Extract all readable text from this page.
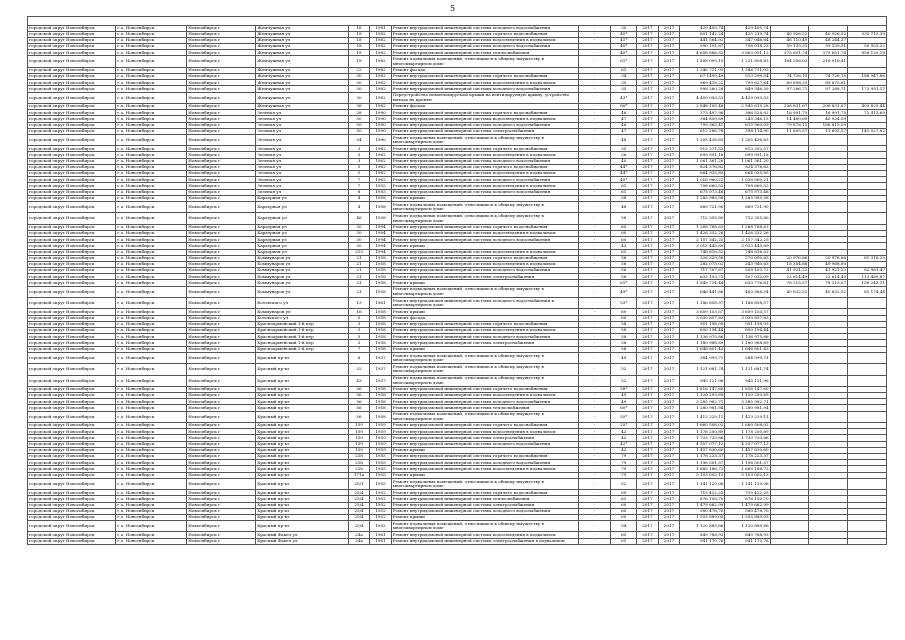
5

городской округ Новосибирск	г.о. Новосибирск	Новосибирск г	Жемчужная ул	16	1981	Ремонт внутридомовой инженерной системы холодного водоснабжения	-	30	2017	2017	429 405,74	429 405,74			
городской округ Новосибирск	г.о. Новосибирск	Новосибирск г	Жемчужная ул	18	1982	Ремонт внутридомовой инженерной системы горячего водоснабжения	-	40*	2017	2017	801 142,24	425 219,74	40 926,52	40 926,52	335 713,39
городской округ Новосибирск	г.о. Новосибирск	Новосибирск г	Жемчужная ул	18	1982	Ремонт внутридомовой инженерной системы водоотведения в подвальном	-	41*	2017	2017	441 564,92	347 046,84	46 110,49	48 244,37	
городской округ Новосибирск	г.о. Новосибирск	Новосибирск г	Жемчужная ул	18	1982	Ремонт внутридомовой инженерной системы холодного водоснабжения	-	40*	2017	2017	990 191,87	798 018,23	59 139,31	59 139,31	50 953,22
городской округ Новосибирск	г.о. Новосибирск	Новосибирск г	Жемчужная ул	18	1982	Ремонт внутридомовой инженерной системы теплоснабжения	-	40*	2017	2017	4 658 866,52	3 863 091,12	375 691,74	375 691,74	858 125,18
городской округ Новосибирск	г.о. Новосибирск	Новосибирск г	Жемчужная ул	18	1982	Ремонт подвальных помещений, относящихся к общему имуществу в многоквартирном доме	-	61*	2017	2017	1 808 099,15	1 231 808,83	164 056,02	216 916,41	
городской округ Новосибирск	г.о. Новосибирск	Новосибирск г	Жемчужная ул	22	1982	Ремонт фасада	-	61	2017	2017	1 246 711,05	1 246 711,05			
городской округ Новосибирск	г.о. Новосибирск	Новосибирск г	Жемчужная ул	30	1982	Ремонт внутридомовой инженерной системы горячего водоснабжения	-	34	2017	2017	67 1499,49	513 299,34	74 726,15	74 726,15	186 947,86
городской округ Новосибирск	г.о. Новосибирск	Новосибирск г	Жемчужная ул	30	1982	Ремонт внутридомовой инженерной системы водоотведения в подвальном	-	35	2017	2017	969 418,22	799 627,64	69 698,33	89 675,61	
городской округ Новосибирск	г.о. Новосибирск	Новосибирск г	Жемчужная ул	30	1982	Ремонт внутридомовой инженерной системы холодного водоснабжения	-	35	2017	2017	998 260,28	849 346,59	97 286,71	97 288,71	173 951,17
городской округ Новосибирск	г.о. Новосибирск	Новосибирск г	Жемчужная ул	30	1982	Переустройство невентилируемой крыши на вентилируемую крышу, устройство выхода на кровлю	-	43*	2017	2017	4 459 093,53	4 459 093,53			
городской округ Новосибирск	г.о. Новосибирск	Новосибирск г	Жемчужная ул	36	1982	Ремонт фасада	-	80*	2017	2017	2 848 105,46	2 545 615,28	208 831,67	208 831,67	403 825,44
городской округ Новосибирск	г.о. Новосибирск	Новосибирск г	Зеленая ул	28	1990	Ремонт внутридомовой инженерной системы горячего водоснабжения	-	46	2017	2017	373 497,96	386 528,92	16 991,75	16 991,75	72 413,69
городской округ Новосибирск	г.о. Новосибирск	Новосибирск г	Зеленая ул	50	1990	Ремонт внутридомовой инженерной системы водоотведения в подвальном	-	47	2017	2017	384 859,89	245 346,13	14 489,69	40 924,59	
городской округ Новосибирск	г.о. Новосибирск	Новосибирск г	Зеленая ул	50	1990	Ремонт внутридомовой инженерной системы холодного водоснабжения	-	46	2017	2017	799 365,41	615 960,09	79 876,11	166 815,09	
городской округ Новосибирск	г.о. Новосибирск	Новосибирск г	Зеленая ул	50	1990	Ремонт внутридомовой инженерной системы электроснабжения	-	47	2017	2017	612 286,78	398 114,90	11 605,57	11 605,57	141 527,82
городской округ Новосибирск	г.о. Новосибирск	Новосибирск г	Зеленая ул	54	1990	Ремонт подвальных помещений, относящихся к общему имуществу в многоквартирном доме	-	48	2017	2017	1 205 436,63	1 205 436,63			
городской округ Новосибирск	г.о. Новосибирск	Новосибирск г	Зеленая ул	3	1962	Ремонт внутридомовой инженерной системы горячего водоснабжения	-	35	2017	2017	913 271,53	813 352,57			
городской округ Новосибирск	г.о. Новосибирск	Новосибирск г	Зеленая ул	3	1962	Ремонт внутридомовой инженерной системы водоотведения в подвальном	-	36	2017	2017	699 991,18	699 991,18			
городской округ Новосибирск	г.о. Новосибирск	Новосибирск г	Зеленая ул	3	1962	Ремонт внутридомовой инженерной системы холодного водоснабжения	-	40	2017	2017	1 061 361,20	1 061 361,20			
городской округ Новосибирск	г.о. Новосибирск	Новосибирск г	Зеленая ул	5	1962	Ремонт внутридомовой инженерной системы горячего водоснабжения	-	44*	2017	2017	824 376,82	824 376,82			
городской округ Новосибирск	г.о. Новосибирск	Новосибирск г	Зеленая ул	5	1962	Ремонт внутридомовой инженерной системы водоотведения в подвальном	-	44*	2017	2017	664 935,85	664 935,85			
городской округ Новосибирск	г.о. Новосибирск	Новосибирск г	Зеленая ул	7	1962	Ремонт внутридомовой инженерной системы холодного водоснабжения	-	40*	2017	2017	1 018 960,21	1 018 960,21			
городской округ Новосибирск	г.о. Новосибирск	Новосибирск г	Зеленая ул	7	1955	Ремонт внутридомовой инженерной системы водоотведения в подвальном	-	61	2017	2017	708 660,52	708 660,52			
городской округ Новосибирск	г.о. Новосибирск	Новосибирск г	Зеленая ул	8	1955	Ремонт внутридомовой инженерной системы холодного водоснабжения	-	61	2017	2017	675 973,48	675 973,48			
городской округ Новосибирск	г.о. Новосибирск	Новосибирск г	Карьерная ул	4	1958	Ремонт крыши	-	58	2017	2017	1 285 985,58	1 285 985,58			
городской округ Новосибирск	г.о. Новосибирск	Новосибирск г	Карьерная ул	4	1958	Ремонт подвальных помещений, относящихся к общему имуществу в многоквартирном доме	-	48	2017	2017	889 721,90	889 721,90			
городской округ Новосибирск	г.о. Новосибирск	Новосибирск г	Карьерная ул	46	1958	Ремонт подвальных помещений, относящихся к общему имуществу в многоквартирном доме	-	58	2017	2017	712 355,80	712 355,80			
городской округ Новосибирск	г.о. Новосибирск	Новосибирск г	Карьерная ул	30	1994	Ремонт внутридомовой инженерной системы горячего водоснабжения	-	60	2017	2017	1 268 768,63	1 268 768,63			
городской округ Новосибирск	г.о. Новосибирск	Новосибирск г	Карьерная ул	30	1994	Ремонт внутридомовой инженерной системы водоотведения в подвальном	-	60	2017	2017	1 426 332,26	1 426 332,26			
городской округ Новосибирск	г.о. Новосибирск	Новосибирск г	Карьерная ул	30	1994	Ремонт внутридомовой инженерной системы холодного водоснабжения	-	60	2017	2017	2 157 342,25	2 157 342,25			
городской округ Новосибирск	г.о. Новосибирск	Новосибирск г	Карьерная ул	30	1994	Ремонт крыши	-	43	2017	2017	3 013 445,89	3 013 445,89			
городской округ Новосибирск	г.о. Новосибирск	Новосибирск г	Карьерная ул	213	1994	Ремонт внутридомовой инженерной системы водоотведения в подвальном	-	61	2017	2017	748 816,52	748 816,52			
городской округ Новосибирск	г.о. Новосибирск	Новосибирск г	Коммунаров ул	21	1958	Ремонт внутридомовой инженерной системы горячего водоснабжения	-	56	2017	2017	326 329,58	270 050,63	20 976,86	20 976,86	81 316,23
городской округ Новосибирск	г.о. Новосибирск	Новосибирск г	Коммунаров ул	21	1958	Ремонт внутридомовой инженерной системы водоотведения в подвальном	-	56	2017	2017	282 075,02	243 940,63	18 354,88	49 968,80	
городской округ Новосибирск	г.о. Новосибирск	Новосибирск г	Коммунаров ул	21	1958	Ремонт внутридомовой инженерной системы холодного водоснабжения	-	56	2017	2017	717 707,67	509 103,72	41 921,22	41 921,22	82 981,47
городской округ Новосибирск	г.о. Новосибирск	Новосибирск г	Коммунаров ул	21	1958	Ремонт внутридомовой инженерной системы электроснабжения	-	56	2017	2017	633 153,73	507 022,09	22 614,49	22 614,49	113 489,87
городской округ Новосибирск	г.о. Новосибирск	Новосибирск г	Коммунаров ул	21	1958	Ремонт крыши	-	61*	2017	2017	1 849 714,44	633 776,81	78 215,57	78 215,57	158 243,11
городской округ Новосибирск	г.о. Новосибирск	Новосибирск г	Коммунаров ул	21	1958	Ремонт подвальных помещений, относящихся к общему имуществу в многоквартирном доме	-	49*	2017	2017	646 441,66	483 968,34	40 632,52	40 632,52	81 174,44
городской округ Новосибирск	г.о. Новосибирск	Новосибирск г	Котовского ул	13	1961	Ремонт внутридомовой инженерной системы холодного водоснабжения в многоквартирном доме	-	53*	2017	2017	1 186 858,57	1 186 858,57			
городской округ Новосибирск	г.о. Новосибирск	Новосибирск г	Коммунаров ул	16	1958	Ремонт крыши	-	60	2017	2017	3 659 153,57	3 659 153,57			
городской округ Новосибирск	г.о. Новосибирск	Новосибирск г	Котовского ул	5	1958	Ремонт фасада	-	60	2017	2017	3 030 857,83	3 030 857,83			
городской округ Новосибирск	г.о. Новосибирск	Новосибирск г	Красноармейский 1-й пер	3	1958	Ремонт внутридомовой инженерной системы горячего водоснабжения	-	58	2017	2017	951 198,09	951 198,09			
городской округ Новосибирск	г.о. Новосибирск	Новосибирск г	Красноармейский 1-й пер	3	1958	Ремонт внутридомовой инженерной системы водоотведения в подвальном	-	58	2017	2017	850 194,44	850 194,44			
городской округ Новосибирск	г.о. Новосибирск	Новосибирск г	Красноармейский 1-й пер	3	1958	Ремонт внутридомовой инженерной системы холодного водоснабжения	-	58	2017	2017	1 136 975,86	1 136 975,86			
городской округ Новосибирск	г.о. Новосибирск	Новосибирск г	Красноармейский 1-й пер	3	1958	Ремонт внутридомовой инженерной системы электроснабжения	-	58	2017	2017	1 180 988,89	1 180 988,89			
городской округ Новосибирск	г.о. Новосибирск	Новосибирск г	Красноармейский 2-й пер	7	1958	Ремонт крыши	-	58	2017	2017	1 646 801,43	1 646 801,43			
городской округ Новосибирск	г.о. Новосибирск	Новосибирск г	Красный пр-кт	8	1937	Ремонт подвальных помещений, относящихся к общему имуществу в многоквартирном доме	-	49	2017	2017	384 999,71	384 999,71			
городской округ Новосибирск	г.о. Новосибирск	Новосибирск г	Красный пр-кт	32	1937	Ремонт подвальных помещений, относящихся к общему имуществу в многоквартирном доме	-	52	2017	2017	1 121 681,74	1 121 681,74			
городской округ Новосибирск	г.о. Новосибирск	Новосибирск г	Красный пр-кт	43	1937	Ремонт подвальных помещений, относящихся к общему имуществу в многоквартирном доме	-	52	2017	2017	945 121,96	945 121,96			
городской округ Новосибирск	г.о. Новосибирск	Новосибирск г	Красный пр-кт	56	1958	Ремонт внутридомовой инженерной системы горячего водоснабжения	-	58*	2017	2017	1 816 147,60	1 816 147,60			
городской округ Новосибирск	г.о. Новосибирск	Новосибирск г	Красный пр-кт	56	1958	Ремонт внутридомовой инженерной системы водоотведения в подвальном	-	49	2017	2017	1 120 293,69	1 120 293,69			
городской округ Новосибирск	г.о. Новосибирск	Новосибирск г	Красный пр-кт	56	1958	Ремонт внутридомовой инженерной системы холодного водоснабжения	-	49	2017	2017	3 285 982,71	3 285 982,71			
городской округ Новосибирск	г.о. Новосибирск	Новосибирск г	Красный пр-кт	56	1958	Ремонт внутридомовой инженерной системы теплоснабжения	-	60*	2017	2017	1 280 981,94	1 280 981,94			
городской округ Новосибирск	г.о. Новосибирск	Новосибирск г	Красный пр-кт	56	1958	Ремонт подвальных помещений, относящихся к общему имуществу в многоквартирном доме	-	55*	2017	2017	1 413 229,11	1 413 229,11			
городской округ Новосибирск	г.о. Новосибирск	Новосибирск г	Красный пр-кт	159	1959	Ремонт внутридомовой инженерной системы горячего водоснабжения	-	25*	2017	2017	1 660 508,02	1 660 508,02			
городской округ Новосибирск	г.о. Новосибирск	Новосибирск г	Красный пр-кт	159	1959	Ремонт внутридомовой инженерной системы водоотведения в подвальном	-	42	2017	2017	1 178 250,89	1 178 250,89			
городской округ Новосибирск	г.о. Новосибирск	Новосибирск г	Красный пр-кт	159	1959	Ремонт внутридомовой инженерной системы электроснабжения	-	42	2017	2017	1 733 733,86	1 733 733,86			
городской округ Новосибирск	г.о. Новосибирск	Новосибирск г	Красный пр-кт	159	1959	Ремонт внутридомовой инженерной системы холодного водоснабжения	-	42*	2017	2017	4 557 077,12	4 557 077,12			
городской округ Новосибирск	г.о. Новосибирск	Новосибирск г	Красный пр-кт	159	1959	Ремонт крыши	-	42	2017	2017	1 457 830,60	1 457 830,60			
городской округ Новосибирск	г.о. Новосибирск	Новосибирск г	Красный пр-кт	218	1955	Ремонт внутридомовой инженерной системы горячего водоснабжения	-	79	2017	2017	1 178 223,37	1 178 223,37			
городской округ Новосибирск	г.о. Новосибирск	Новосибирск г	Красный пр-кт	218	1955	Ремонт внутридомовой инженерной системы холодного водоснабжения	-	79	2017	2017	1 196 501,57	1 196 501,57			
городской округ Новосибирск	г.о. Новосибирск	Новосибирск г	Красный пр-кт	218	1955	Ремонт внутридомовой инженерной системы водоотведения в подвальном	-	79	2017	2017	1 685 186,73	1 685 186,73			
городской округ Новосибирск	г.о. Новосибирск	Новосибирск г	Красный пр-кт	171а	1955	Ремонт крыши	-	79	2017	2017	5 103 002,13	5 103 002,13			
городской округ Новосибирск	г.о. Новосибирск	Новосибирск г	Красный пр-кт	20/1	1955	Ремонт подвальных помещений, относящихся к общему имуществу в многоквартирном доме	-	52	2017	2017	1 141 120,06	1 141 120,06			
городской округ Новосибирск	г.о. Новосибирск	Новосибирск г	Красный пр-кт	25/4	1952	Ремонт внутридомовой инженерной системы горячего водоснабжения	-	60	2017	2017	715 422,25	715 422,25			
городской округ Новосибирск	г.о. Новосибирск	Новосибирск г	Красный пр-кт	25/4	1952	Ремонт внутридомовой инженерной системы теплоснабжения	-	61	2017	2017	876 150,70	876 150,70			
городской округ Новосибирск	г.о. Новосибирск	Новосибирск г	Красный пр-кт	25/4	1952	Ремонт внутридомовой инженерной системы электроснабжения	-	60	2017	2017	1 479 662,99	1 479 662,99			
городской округ Новосибирск	г.о. Новосибирск	Новосибирск г	Красный пр-кт	25/4	1952	Ремонт внутридомовой инженерной системы холодного водоснабжения	-	60	2017	2017	580 478,70	580 478,70			
городской округ Новосибирск	г.о. Новосибирск	Новосибирск г	Красный пр-кт	25/4	1952	Ремонт крыши	-	60	2017	2017	1 555 889,05	1 555 889,05			
городской округ Новосибирск	г.о. Новосибирск	Новосибирск г	Красный пр-кт	25/4	1952	Ремонт подвальных помещений, относящихся к общему имуществу в многоквартирном доме	-	54	2017	2017	1 120 889,86	1 120 889,86			
городской округ Новосибирск	г.о. Новосибирск	Новосибирск г	Красный Факел ул	24а	1961	Ремонт внутридомовой инженерной системы водоотведения в подвальном	-	65	2017	2017	849 788,93	849 788,93			
городской округ Новосибирск	г.о. Новосибирск	Новосибирск г	Красный Факел ул	24а	1961	Ремонт внутридомовой инженерной системы электроснабжения в подвальном	-	65	2017	2017	941 170,76	941 170,76			
